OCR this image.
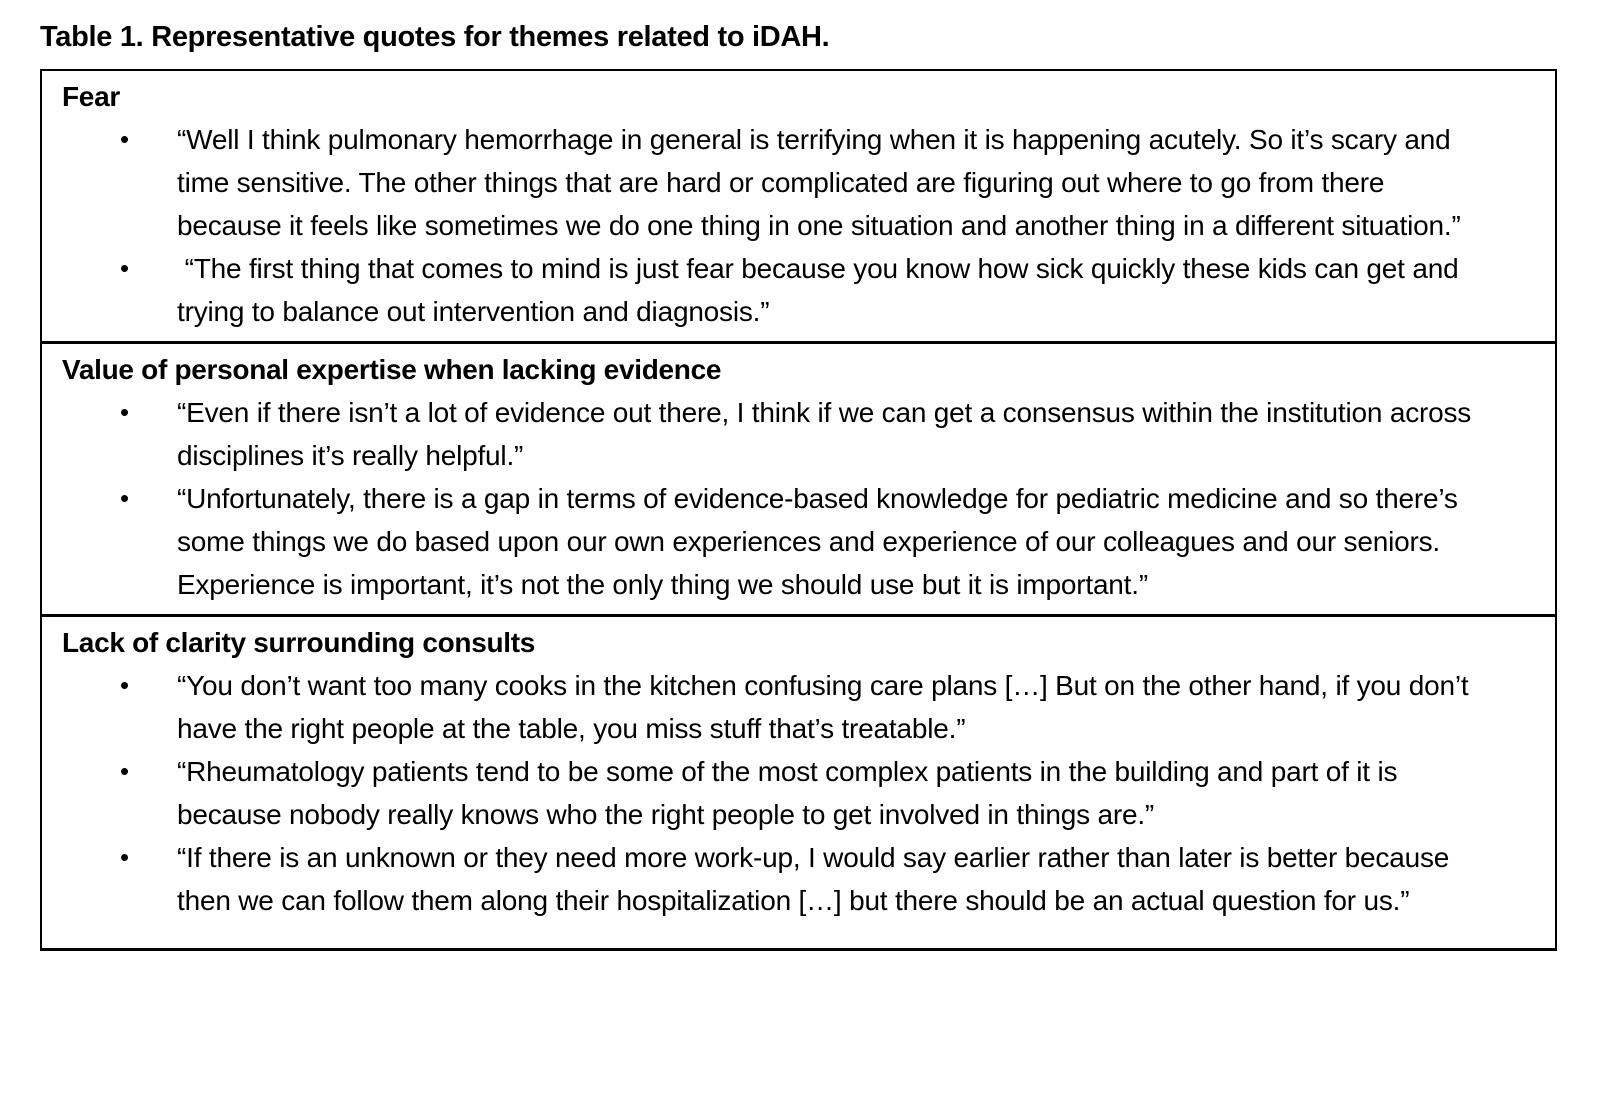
Table 1. Representative quotes for themes related to iDAH.
Fear
•	“Well I think pulmonary hemorrhage in general is terrifying when it is happening acutely. So it’s scary and time sensitive. The other things that are hard or complicated are figuring out where to go from there because it feels like sometimes we do one thing in one situation and another thing in a different situation.”
•	“The first thing that comes to mind is just fear because you know how sick quickly these kids can get and trying to balance out intervention and diagnosis.”
Value of personal expertise when lacking evidence
•	“Even if there isn’t a lot of evidence out there, I think if we can get a consensus within the institution across disciplines it’s really helpful.”
•	“Unfortunately, there is a gap in terms of evidence-based knowledge for pediatric medicine and so there’s some things we do based upon our own experiences and experience of our colleagues and our seniors. Experience is important, it’s not the only thing we should use but it is important.”
Lack of clarity surrounding consults
•	“You don’t want too many cooks in the kitchen confusing care plans […] But on the other hand, if you don’t have the right people at the table, you miss stuff that’s treatable.”
•	“Rheumatology patients tend to be some of the most complex patients in the building and part of it is because nobody really knows who the right people to get involved in things are.”
•	“If there is an unknown or they need more work-up, I would say earlier rather than later is better because then we can follow them along their hospitalization […] but there should be an actual question for us.”
